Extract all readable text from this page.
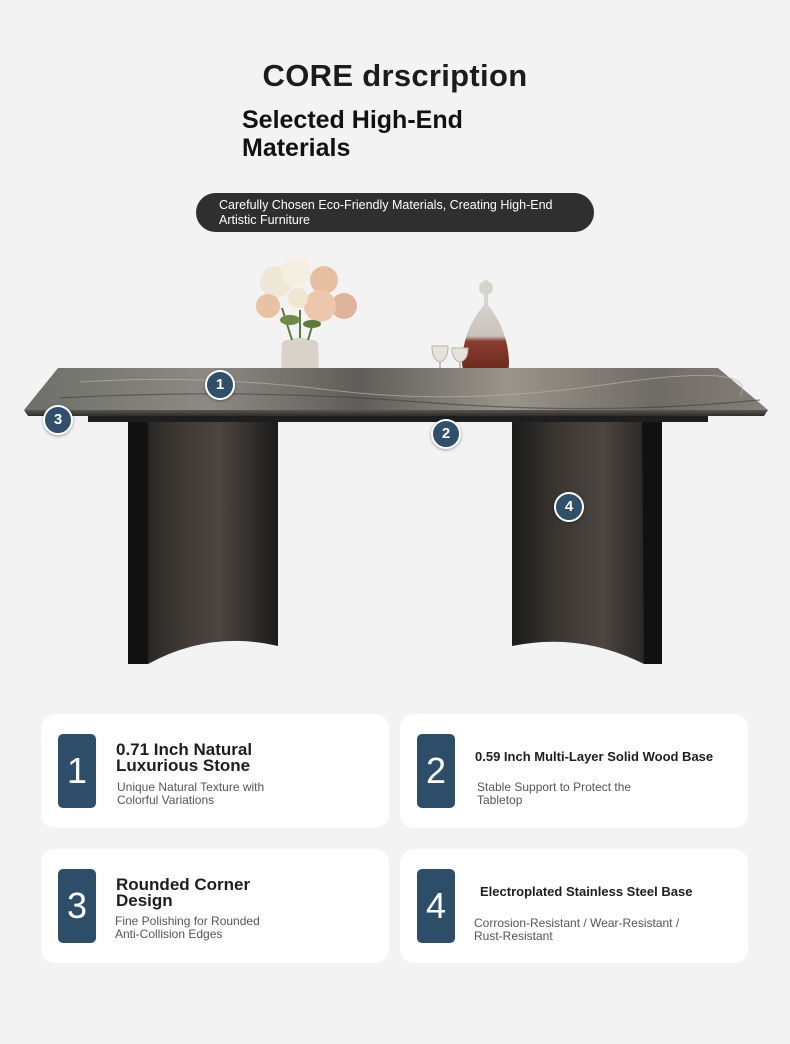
CORE drscription
Selected High-End
Materials
Carefully Chosen Eco-Friendly Materials, Creating High-End
Artistic Furniture
1
2
3
4
1
0.71 Inch Natural
Luxurious Stone
Unique Natural Texture with
Colorful Variations
2	0.59 Inch Multi-Layer Solid Wood Base
Stable Support to Protect the
Tabletop
3
Rounded Corner
Design
Fine Polishing for Rounded
Anti-Collision Edges
4	Electroplated Stainless Steel Base
Corrosion-Resistant / Wear-Resistant /
Rust-Resistant
